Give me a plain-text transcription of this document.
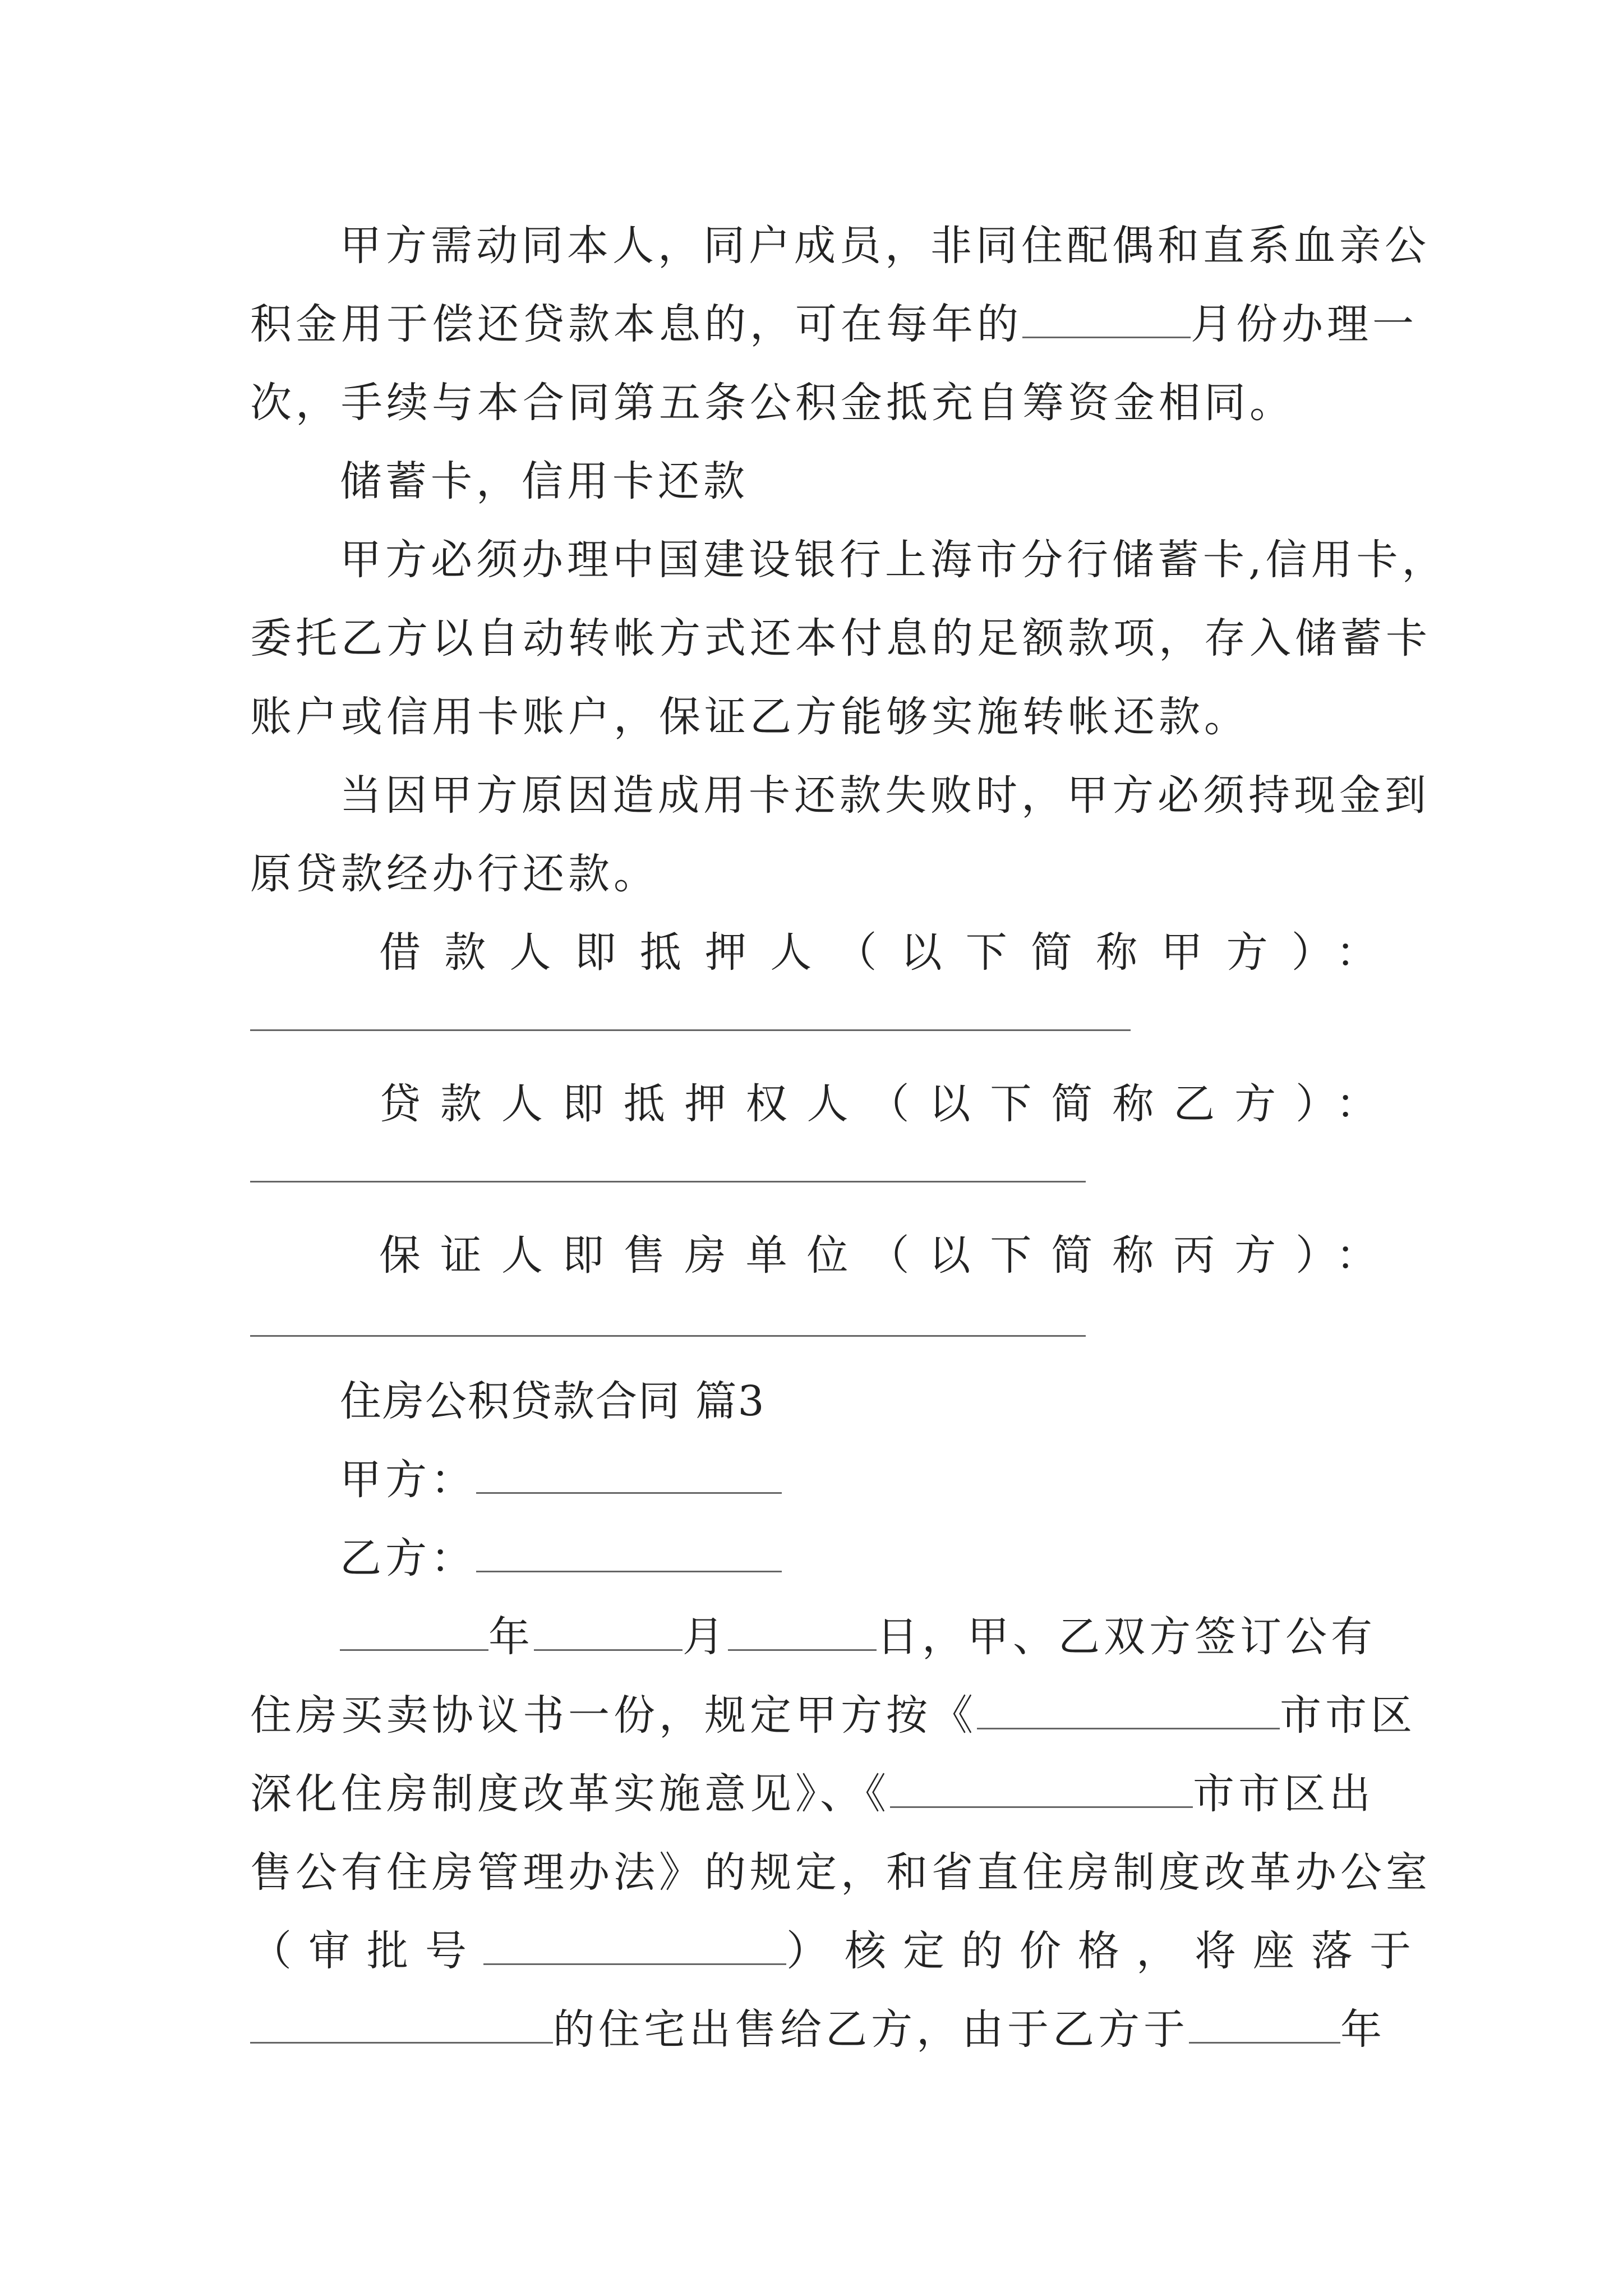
甲方需动同本人，同户成员，非同住配偶和直系血亲公
积金用于偿还贷款本息的，可在每年的	月份办理一
次，手续与本合同第五条公积金抵充自筹资金相同。
储蓄卡，信用卡还款
甲方必须办理中国建设银行上海市分行储蓄卡,信用卡，
委托乙方以自动转帐方式还本付息的足额款项，存入储蓄卡
账户或信用卡账户，保证乙方能够实施转帐还款。
当因甲方原因造成用卡还款失败时，甲方必须持现金到
原贷款经办行还款。
借款人即抵押人（以下简称甲方）：
贷款人即抵押权人（以下简称乙方）：
保证人即售房单位（以下简称丙方）：
住房公积贷款合同 篇3
甲方：
乙方：
年	月	日，甲、乙双方签订公有
住房买卖协议书一份，规定甲方按《	市市区
深化住房制度改革实施意见》、《	市市区出
售公有住房管理办法》的规定，和省直住房制度改革办公室
（审批号	）核定的价格，将座落于
的住宅出售给乙方，由于乙方于	年
